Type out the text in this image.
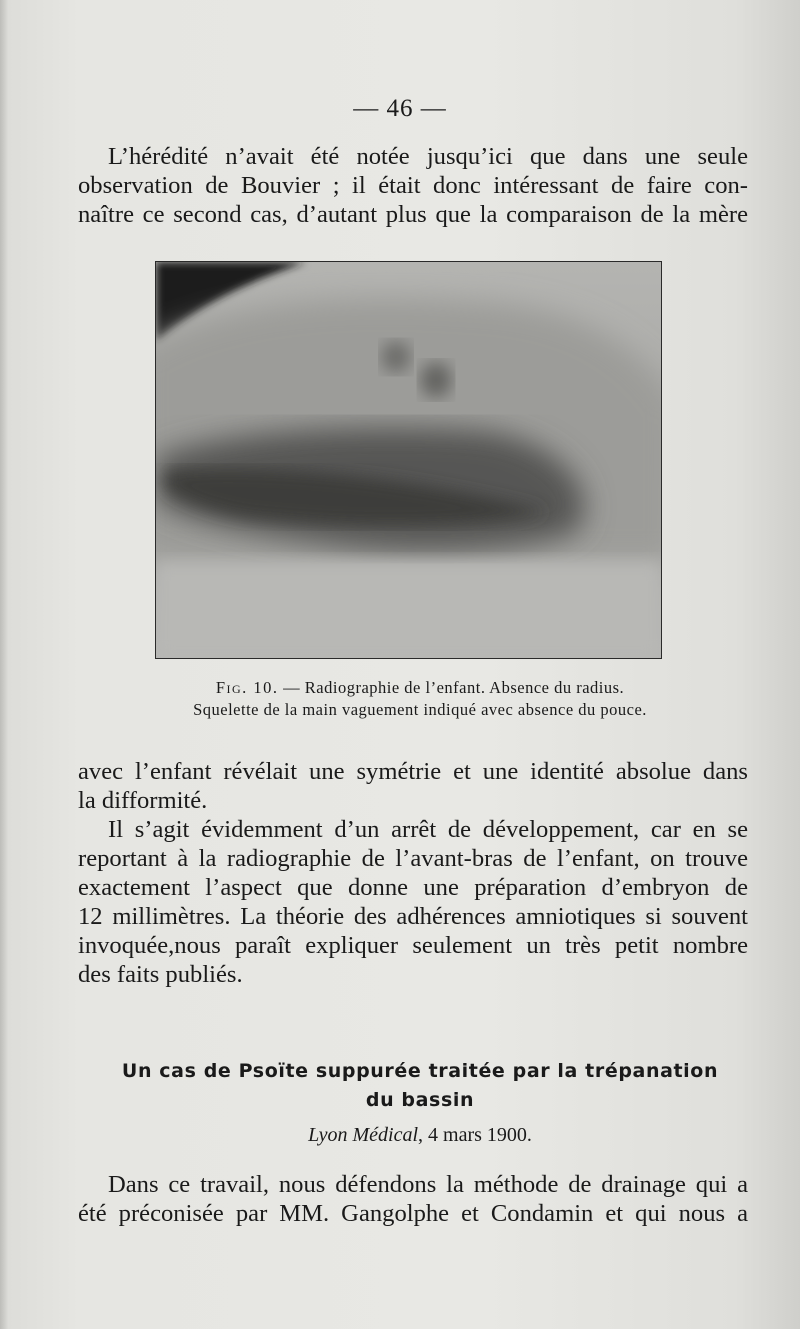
— 46 —
L’hérédité n’avait été notée jusqu’ici que dans une seule
observation de Bouvier ; il était donc intéressant de faire con-
naître ce second cas, d’autant plus que la comparaison de la mère
Fig. 10. — Radiographie de l’enfant. Absence du radius.
Squelette de la main vaguement indiqué avec absence du pouce.
avec l’enfant révélait une symétrie et une identité absolue dans
la difformité.
Il s’agit évidemment d’un arrêt de développement, car en se
reportant à la radiographie de l’avant-bras de l’enfant, on trouve
exactement l’aspect que donne une préparation d’embryon de
12 millimètres. La théorie des adhérences amniotiques si souvent
invoquée,nous paraît expliquer seulement un très petit nombre
des faits publiés.
Un cas de Psoïte suppurée traitée par la trépanation
du bassin
Lyon Médical, 4 mars 1900.
Dans ce travail, nous défendons la méthode de drainage qui a
été préconisée par MM. Gangolphe et Condamin et qui nous a
